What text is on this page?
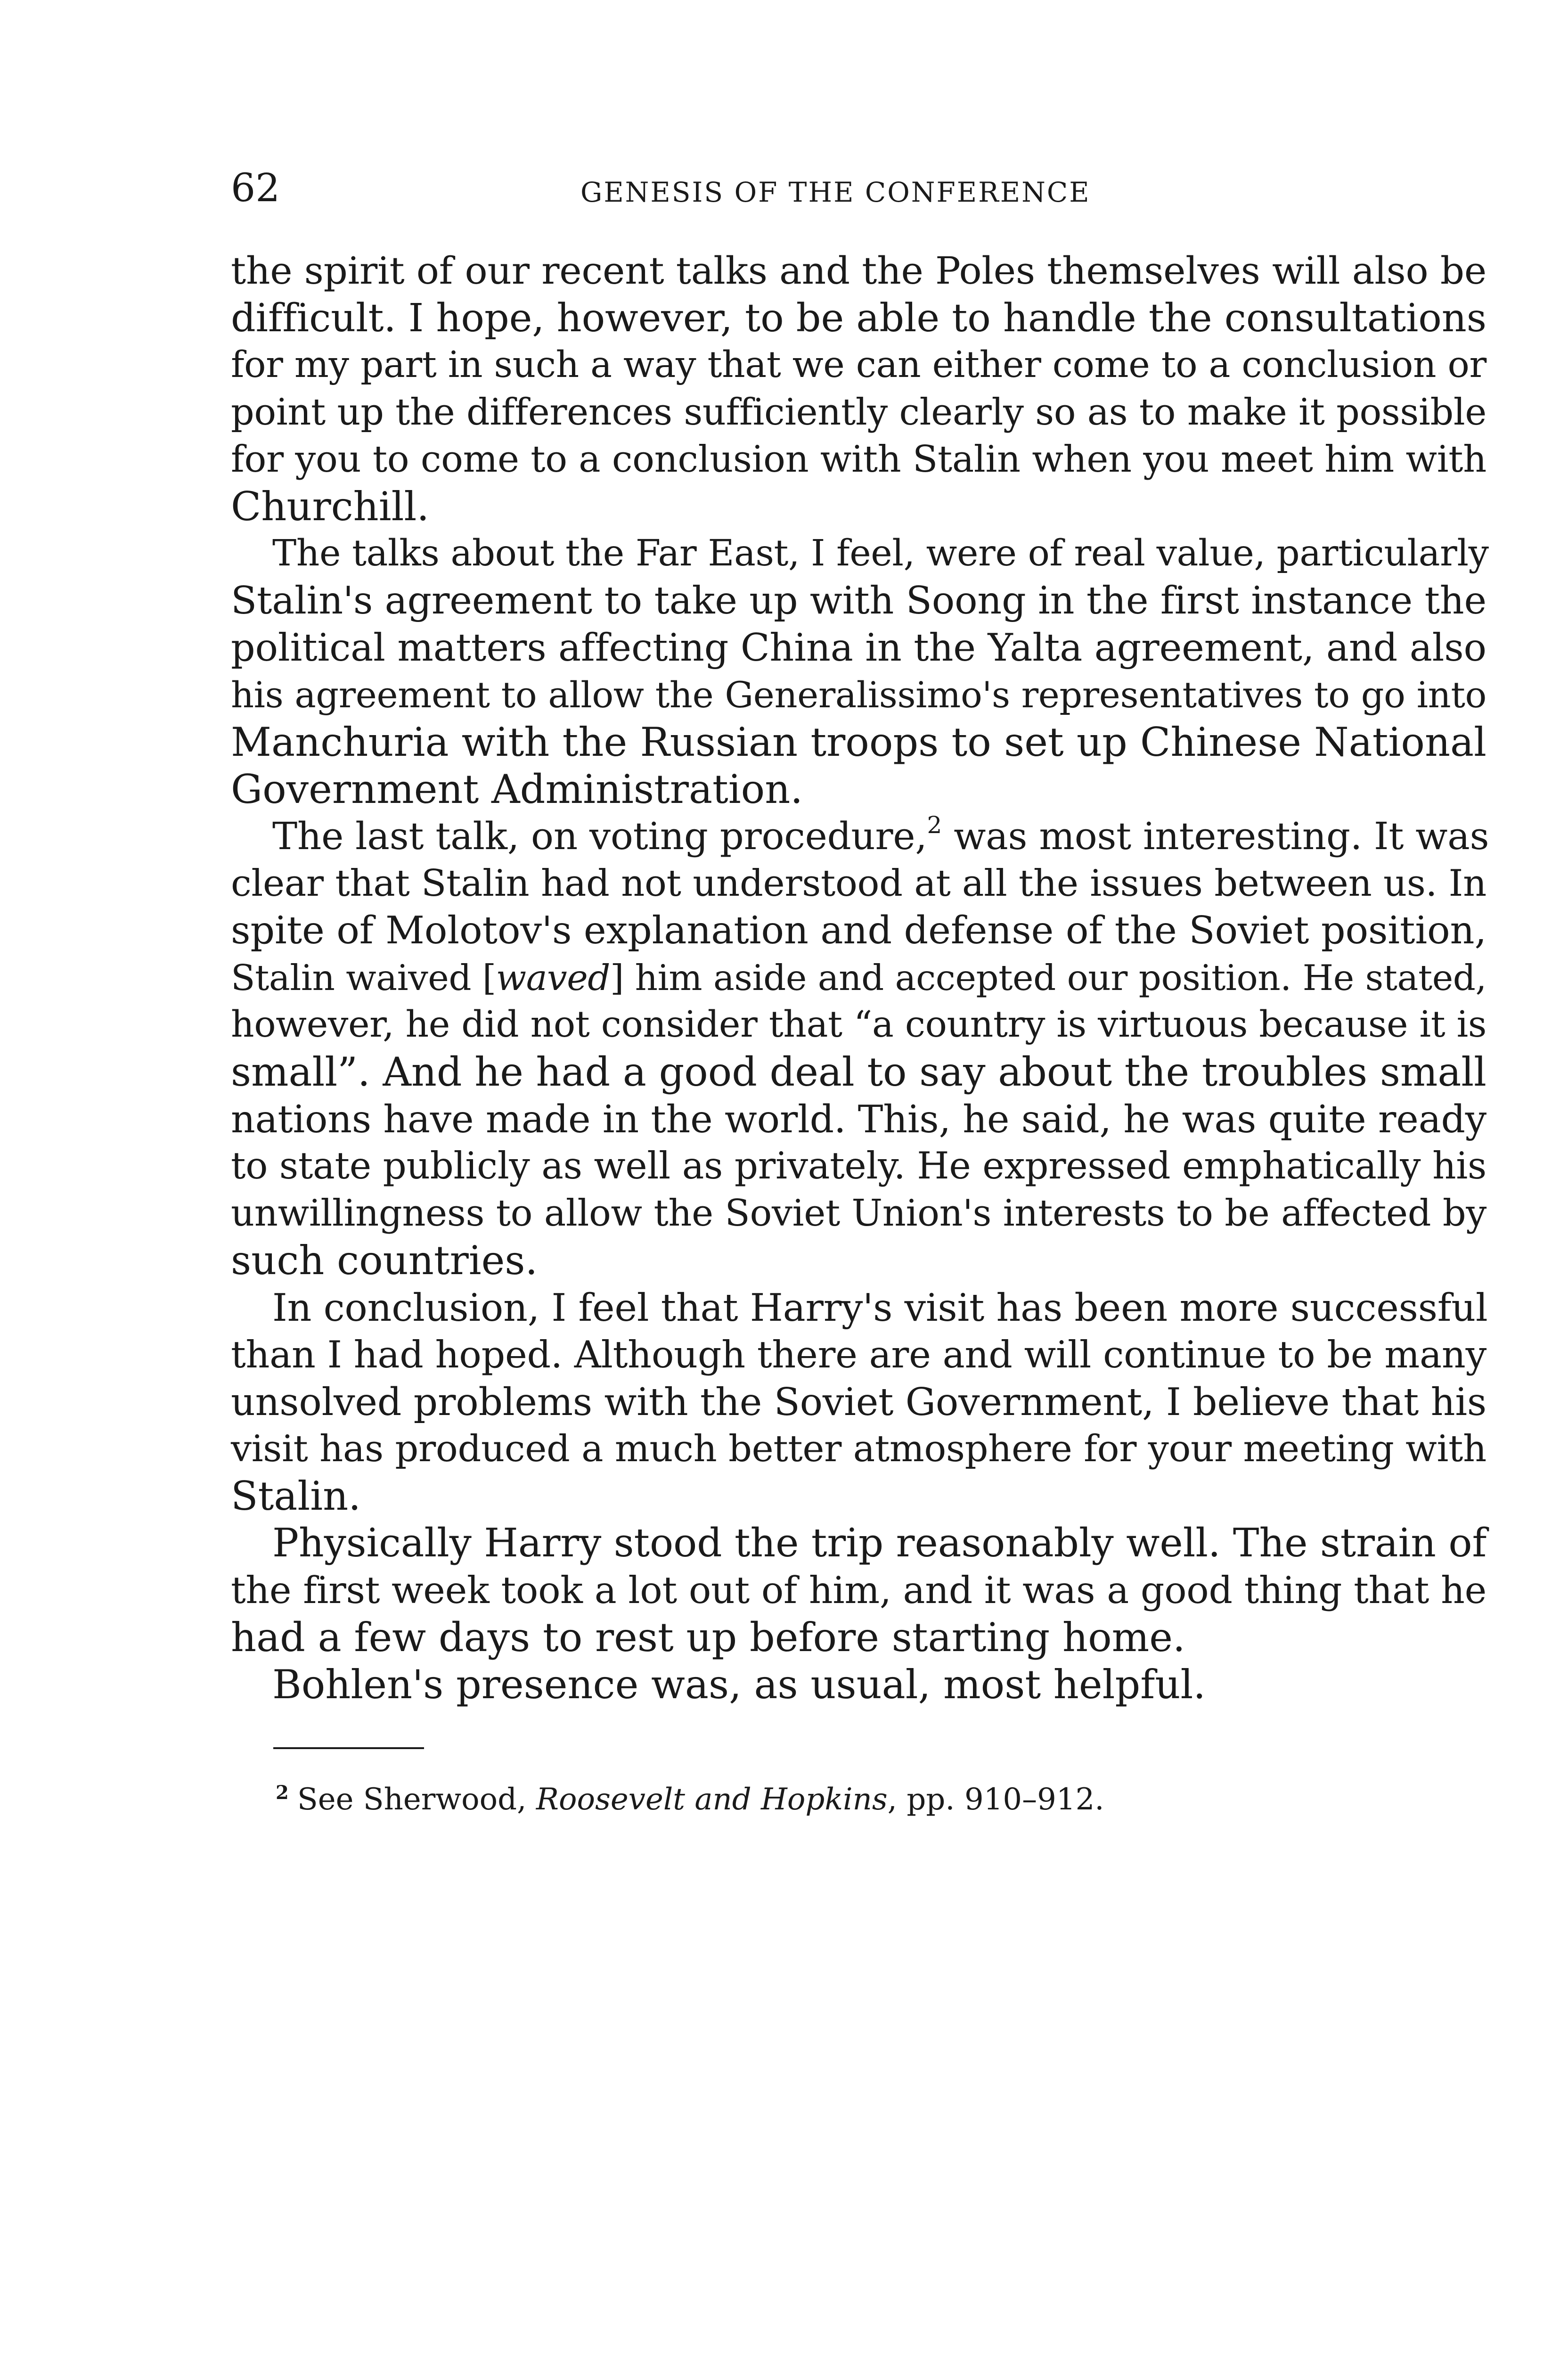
62	GENESIS OF THE CONFERENCE
the spirit of our recent talks and the Poles themselves will also be
difficult. I hope, however, to be able to handle the consultations
for my part in such a way that we can either come to a conclusion or
point up the differences sufficiently clearly so as to make it possible
for you to come to a conclusion with Stalin when you meet him with
Churchill.
The talks about the Far East, I feel, were of real value, particularly
Stalin's agreement to take up with Soong in the first instance the
political matters affecting China in the Yalta agreement, and also
his agreement to allow the Generalissimo's representatives to go into
Manchuria with the Russian troops to set up Chinese National
Government Administration.
The last talk, on voting procedure,$^2$ was most interesting. It was
clear that Stalin had not understood at all the issues between us. In
spite of Molotov's explanation and defense of the Soviet position,
Stalin waived [waved] him aside and accepted our position. He stated,
however, he did not consider that “a country is virtuous because it is
small”. And he had a good deal to say about the troubles small
nations have made in the world. This, he said, he was quite ready
to state publicly as well as privately. He expressed emphatically his
unwillingness to allow the Soviet Union's interests to be affected by
such countries.
In conclusion, I feel that Harry's visit has been more successful
than I had hoped. Although there are and will continue to be many
unsolved problems with the Soviet Government, I believe that his
visit has produced a much better atmosphere for your meeting with
Stalin.
Physically Harry stood the trip reasonably well. The strain of
the first week took a lot out of him, and it was a good thing that he
had a few days to rest up before starting home.
Bohlen's presence was, as usual, most helpful.
$^2$ See Sherwood, Roosevelt and Hopkins, pp. 910–912.
